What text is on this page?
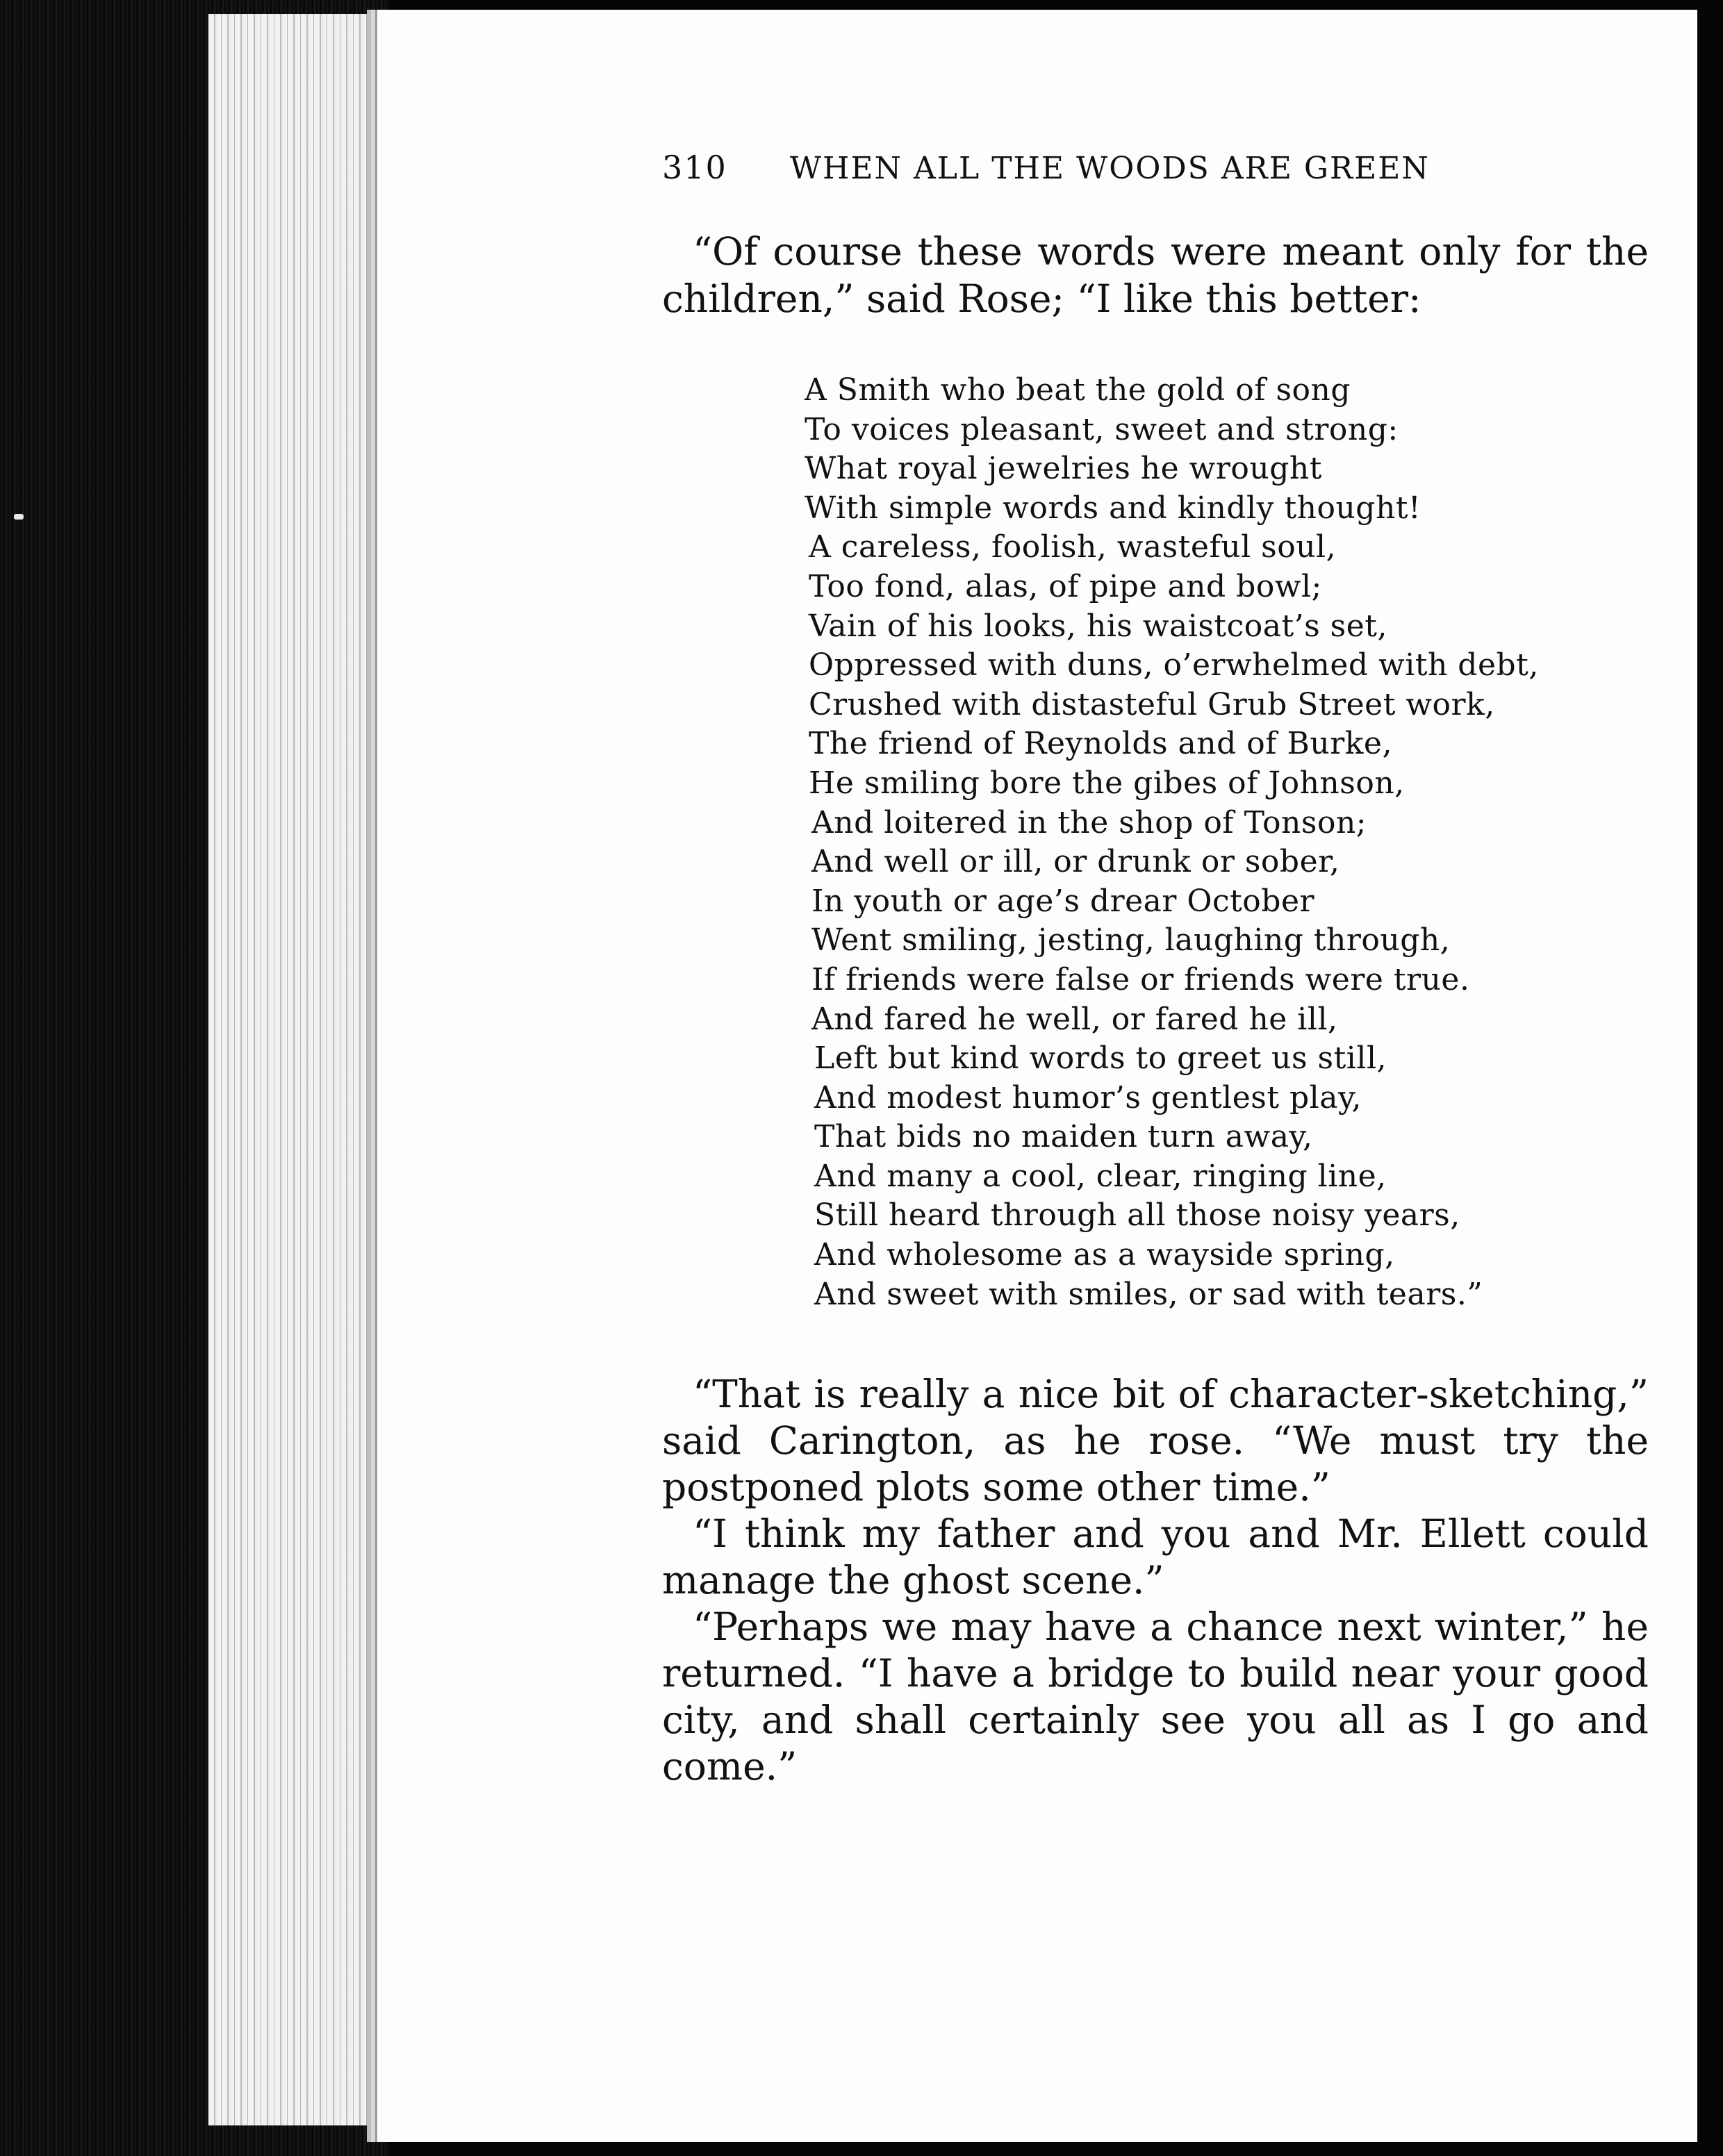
310 WHEN ALL THE WOODS ARE GREEN

“Of course these words were meant only for the children,” said Rose; “I like this better:

A Smith who beat the gold of song
To voices pleasant, sweet and strong:
What royal jewelries he wrought
With simple words and kindly thought!
A careless, foolish, wasteful soul,
Too fond, alas, of pipe and bowl;
Vain of his looks, his waistcoat’s set,
Oppressed with duns, o’erwhelmed with debt,
Crushed with distasteful Grub Street work,
The friend of Reynolds and of Burke,
He smiling bore the gibes of Johnson,
And loitered in the shop of Tonson;
And well or ill, or drunk or sober,
In youth or age’s drear October
Went smiling, jesting, laughing through,
If friends were false or friends were true.
And fared he well, or fared he ill,
Left but kind words to greet us still,
And modest humor’s gentlest play,
That bids no maiden turn away,
And many a cool, clear, ringing line,
Still heard through all those noisy years,
And wholesome as a wayside spring,
And sweet with smiles, or sad with tears.”

“That is really a nice bit of character-sketching,” said Carington, as he rose. “We must try the postponed plots some other time.”

“I think my father and you and Mr. Ellett could manage the ghost scene.”

“Perhaps we may have a chance next winter,” he returned. “I have a bridge to build near your good city, and shall certainly see you all as I go and come.”
